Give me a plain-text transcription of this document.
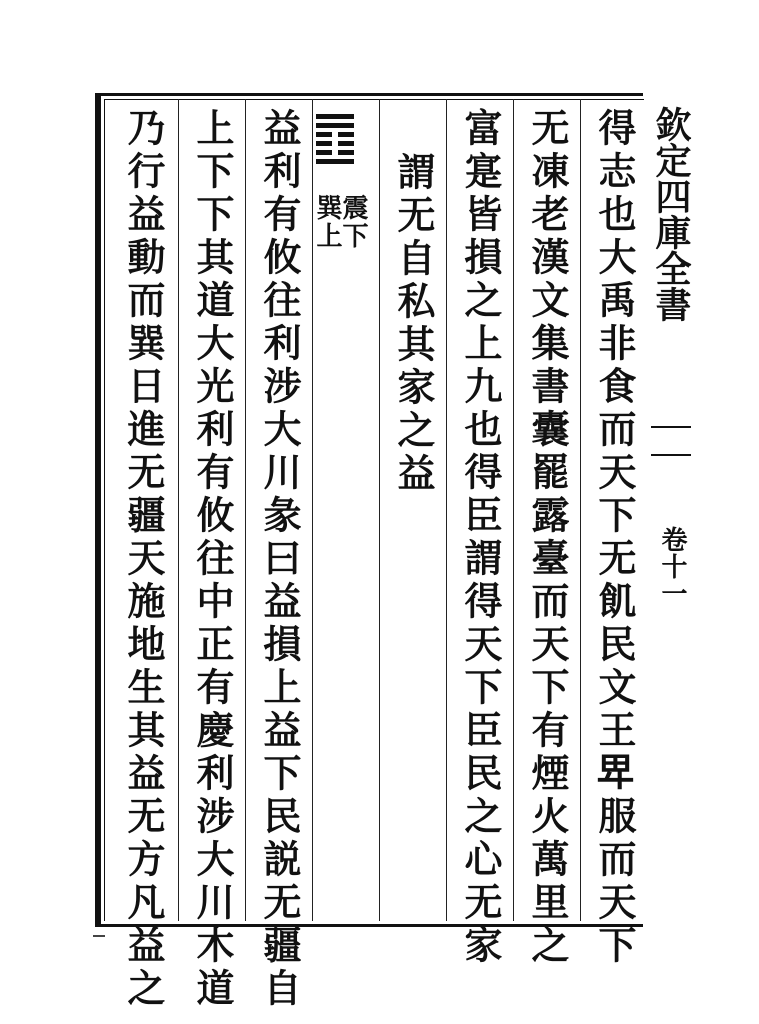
得志也大禹非食而天下无飢民文王𤰞服而天下
无凍老漢文集書囊罷露臺而天下有煙火萬里之
富寔皆損之上九也得臣謂得天下臣民之心无家
謂无自私其家之益
震下
巽上
益利有攸往利涉大川彖曰益損上益下民説无疆自
上下下其道大光利有攸往中正有慶利涉大川木道
乃行益動而巽日進无疆天施地生其益无方凡益之	欽定四庫全書
卷十一
